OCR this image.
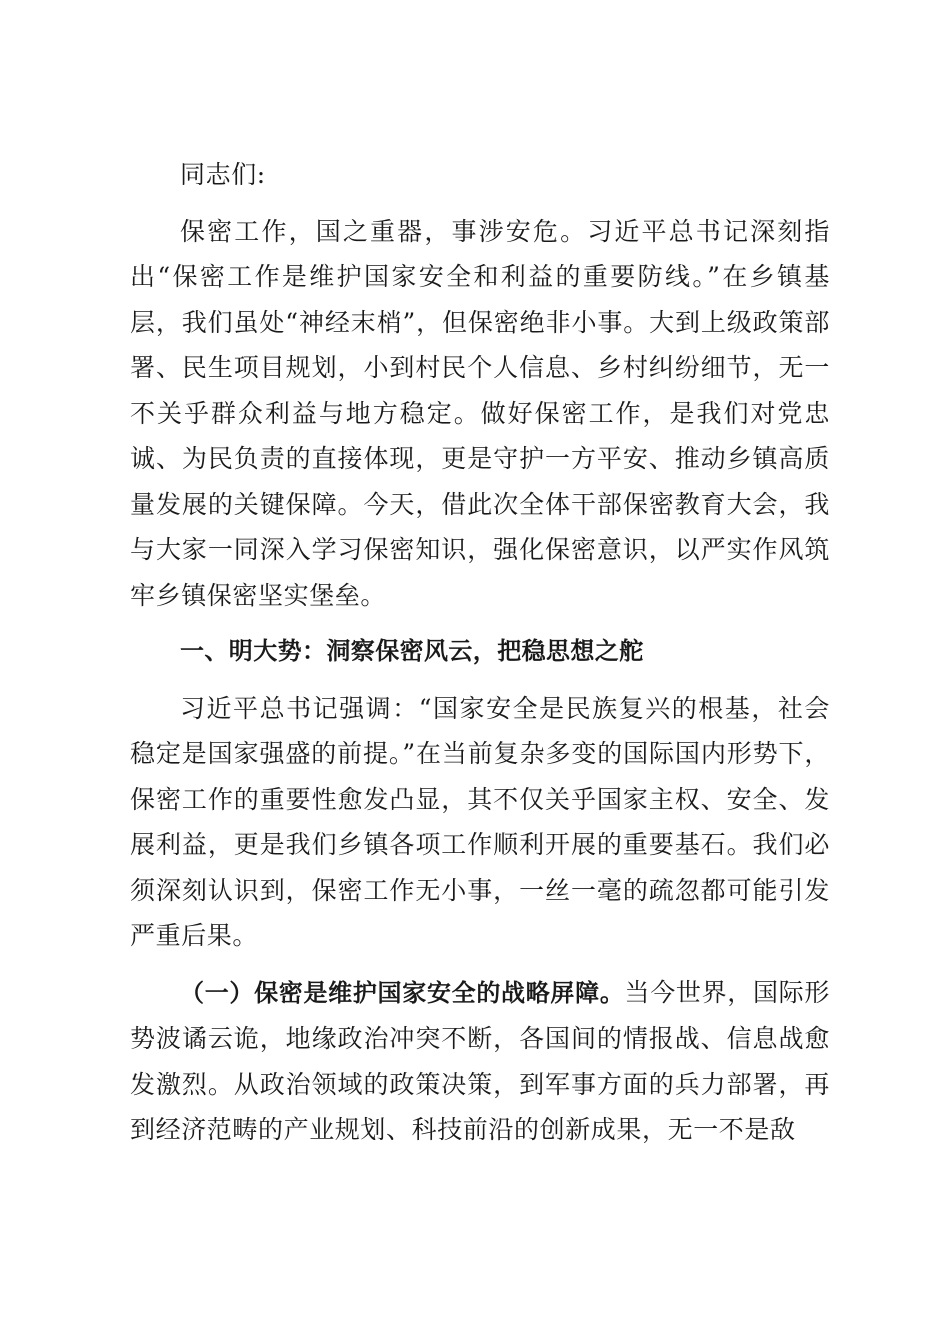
同志们:

保密工作，国之重器，事涉安危。习近平总书记深刻指出“保密工作是维护国家安全和利益的重要防线。”在乡镇基层，我们虽处“神经末梢”，但保密绝非小事。大到上级政策部署、民生项目规划，小到村民个人信息、乡村纠纷细节，无一不关乎群众利益与地方稳定。做好保密工作，是我们对党忠诚、为民负责的直接体现，更是守护一方平安、推动乡镇高质量发展的关键保障。今天，借此次全体干部保密教育大会，我与大家一同深入学习保密知识，强化保密意识，以严实作风筑牢乡镇保密坚实堡垒。

一、明大势：洞察保密风云，把稳思想之舵

习近平总书记强调：“国家安全是民族复兴的根基，社会稳定是国家强盛的前提。”在当前复杂多变的国际国内形势下，保密工作的重要性愈发凸显，其不仅关乎国家主权、安全、发展利益，更是我们乡镇各项工作顺利开展的重要基石。我们必须深刻认识到，保密工作无小事，一丝一毫的疏忽都可能引发严重后果。

（一）保密是维护国家安全的战略屏障。当今世界，国际形势波谲云诡，地缘政治冲突不断，各国间的情报战、信息战愈发激烈。从政治领域的政策决策，到军事方面的兵力部署，再到经济范畴的产业规划、科技前沿的创新成果，无一不是敌
